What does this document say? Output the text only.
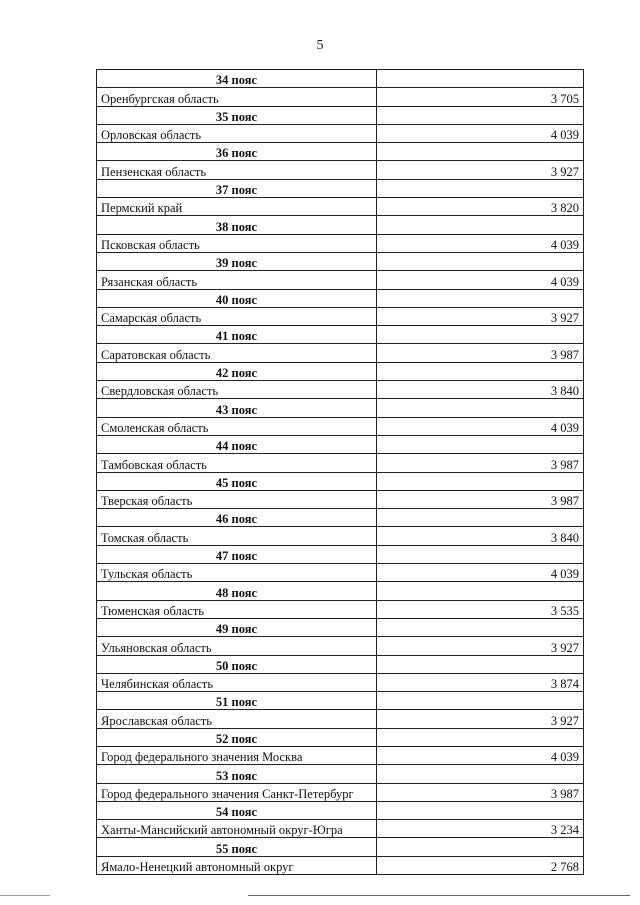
5
34 пояс	
Оренбургская область	3 705
35 пояс	
Орловская область	4 039
36 пояс	
Пензенская область	3 927
37 пояс	
Пермский край	3 820
38 пояс	
Псковская область	4 039
39 пояс	
Рязанская область	4 039
40 пояс	
Самарская область	3 927
41 пояс	
Саратовская область	3 987
42 пояс	
Свердловская область	3 840
43 пояс	
Смоленская область	4 039
44 пояс	
Тамбовская область	3 987
45 пояс	
Тверская область	3 987
46 пояс	
Томская область	3 840
47 пояс	
Тульская область	4 039
48 пояс	
Тюменская область	3 535
49 пояс	
Ульяновская область	3 927
50 пояс	
Челябинская область	3 874
51 пояс	
Ярославская область	3 927
52 пояс	
Город федерального значения Москва	4 039
53 пояс	
Город федерального значения Санкт-Петербург	3 987
54 пояс	
Ханты-Мансийский автономный округ-Югра	3 234
55 пояс	
Ямало-Ненецкий автономный округ	2 768
